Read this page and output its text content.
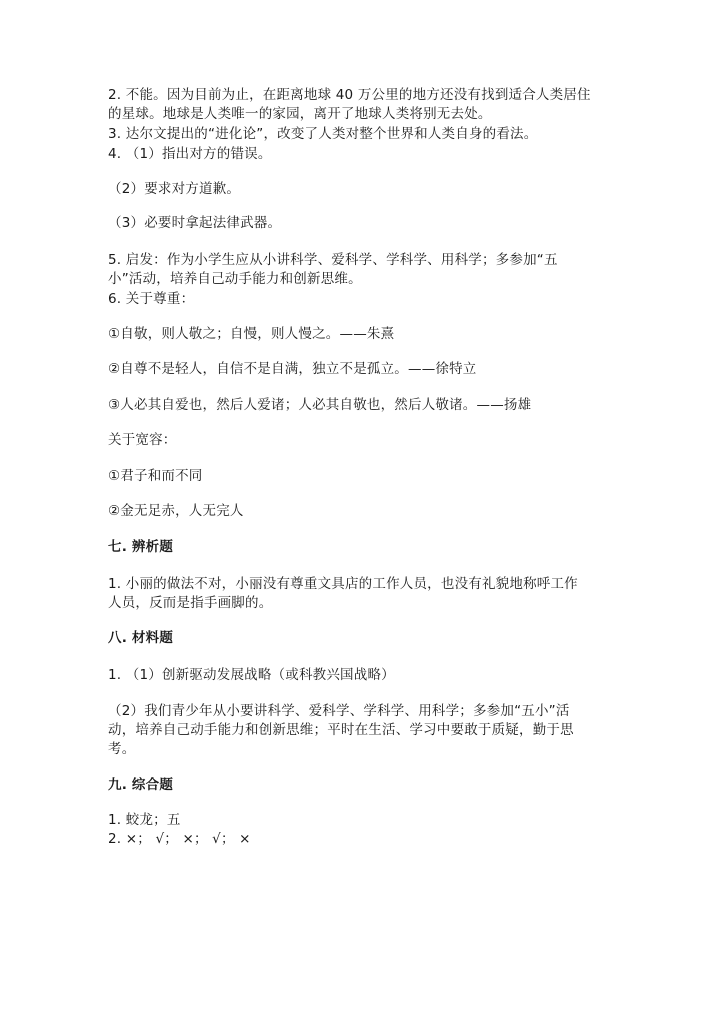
2. 不能。因为目前为止，在距离地球 40 万公里的地方还没有找到适合人类居住
的星球。地球是人类唯一的家园，离开了地球人类将别无去处。
3. 达尔文提出的“进化论”，改变了人类对整个世界和人类自身的看法。
4. （1）指出对方的错误。
（2）要求对方道歉。
（3）必要时拿起法律武器。
5. 启发：作为小学生应从小讲科学、爱科学、学科学、用科学；多参加“五
小”活动，培养自己动手能力和创新思维。
6. 关于尊重：
①自敬，则人敬之；自慢，则人慢之。——朱熹
②自尊不是轻人，自信不是自满，独立不是孤立。——徐特立
③人必其自爱也，然后人爱诸；人必其自敬也，然后人敬诸。——扬雄
关于宽容：
①君子和而不同
②金无足赤，人无完人
七. 辨析题
1. 小丽的做法不对，小丽没有尊重文具店的工作人员，也没有礼貌地称呼工作
人员，反而是指手画脚的。
八. 材料题
1. （1）创新驱动发展战略（或科教兴国战略）
（2）我们青少年从小要讲科学、爱科学、学科学、用科学；多参加“五小”活
动，培养自己动手能力和创新思维；平时在生活、学习中要敢于质疑，勤于思
考。
九. 综合题
1. 蛟龙；五
2. ×； √； ×； √； ×
